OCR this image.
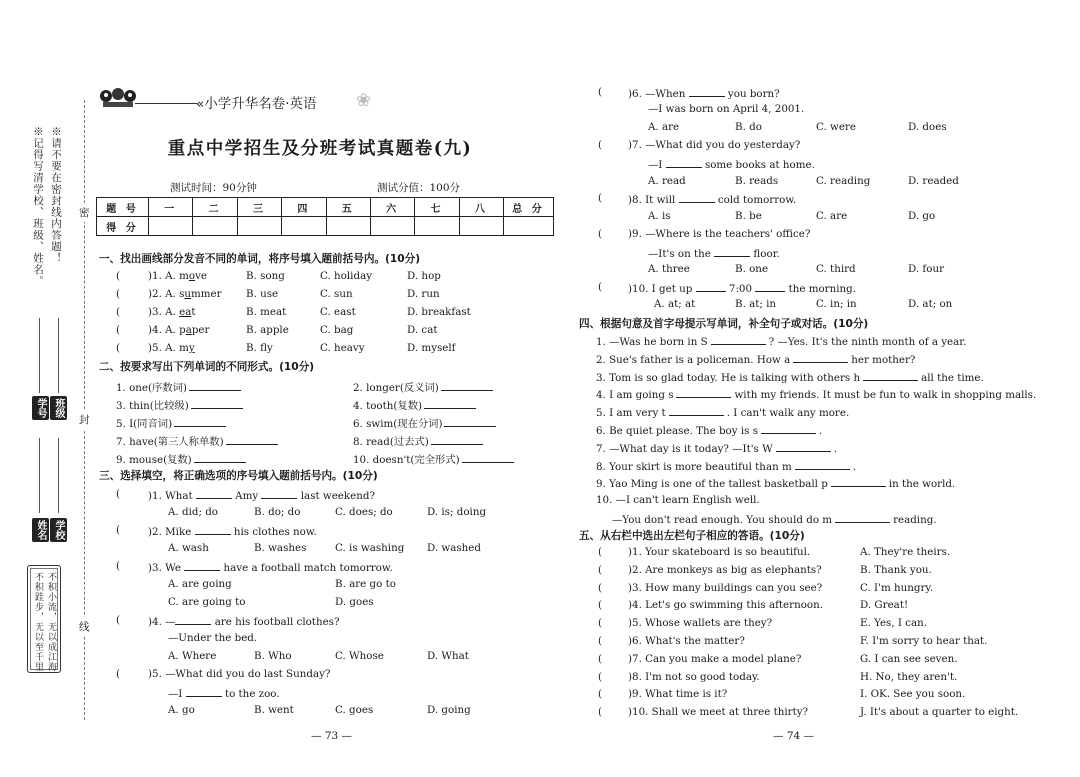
※请不要在密封线内答题！
※记得写清学校、班级、姓名。
班级
学号
学校
姓名
不积小流，无以成江海
不积跬步，无以至千里
密
封
线
«小学升华名卷·英语 ❀
重点中学招生及分班考试真题卷(九)
测试时间：90分钟	测试分值：100分
题 号	一	二	三	四	五	六	七	八	总 分
得 分									
一、找出画线部分发音不同的单词，将序号填入题前括号内。(10分)
(	)1. A. move	B. song	C. holiday	D. hop
(	)2. A. summer B. use	C. sun	D. run
(	)3. A. eat	B. meat	C. east	D. breakfast
(	)4. A. paper	B. apple	C. bag	D. cat
(	)5. A. my	B. fly	C. heavy	D. myself
二、按要求写出下列单词的不同形式。(10分)
1. one(序数词)	2. longer(反义词)
3. thin(比较级)	4. tooth(复数)
5. I(同音词)	6. swim(现在分词)
7. have(第三人称单数)	8. read(过去式)
9. mouse(复数)	10. doesn't(完全形式)
三、选择填空，将正确选项的序号填入题前括号内。(10分)
(	)1. What	Amy	last weekend?
A. did; do	B. do; do	C. does; do	D. is; doing
(	)2. Mike	his clothes now.
A. wash	B. washes	C. is washing D. washed
(	)3. We	have a football match tomorrow.
A. are going	B. are go to
C. are going to	D. goes
(	)4. —	are his football clothes?
—Under the bed.
A. Where	B. Who	C. Whose	D. What
(	)5. —What did you do last Sunday?
—I	to the zoo.
A. go	B. went	C. goes	D. going
— 73 —
(	)6. —When	you born?
—I was born on April 4, 2001.
A. are	B. do	C. were	D. does
(	)7. —What did you do yesterday?
—I	some books at home.
A. read	B. reads	C. reading	D. readed
(	)8. It will	cold tomorrow.
A. is	B. be	C. are	D. go
(	)9. —Where is the teachers' office?
—It's on the	floor.
A. three	B. one	C. third	D. four
(	)10. I get up	7:00	the morning.
A. at; at	B. at; in	C. in; in	D. at; on
四、根据句意及首字母提示写单词，补全句子或对话。(10分)
1. —Was he born in S	? —Yes. It's the ninth month of a year.
2. Sue's father is a policeman. How a	her mother?
3. Tom is so glad today. He is talking with others h	all the time.
4. I am going s	with my friends. It must be fun to walk in shopping malls.
5. I am very t	. I can't walk any more.
6. Be quiet please. The boy is s	.
7. —What day is it today? —It's W	.
8. Your skirt is more beautiful than m	.
9. Yao Ming is one of the tallest basketball p	in the world.
10. —I can't learn English well.
—You don't read enough. You should do m	reading.
五、从右栏中选出左栏句子相应的答语。(10分)
(	)1. Your skateboard is so beautiful.	A. They're theirs.
(	)2. Are monkeys as big as elephants?	B. Thank you.
(	)3. How many buildings can you see?	C. I'm hungry.
(	)4. Let's go swimming this afternoon.	D. Great!
(	)5. Whose wallets are they?	E. Yes, I can.
(	)6. What's the matter?	F. I'm sorry to hear that.
(	)7. Can you make a model plane?	G. I can see seven.
(	)8. I'm not so good today.	H. No, they aren't.
(	)9. What time is it?	I. OK. See you soon.
(	)10. Shall we meet at three thirty?	J. It's about a quarter to eight.
— 74 —
